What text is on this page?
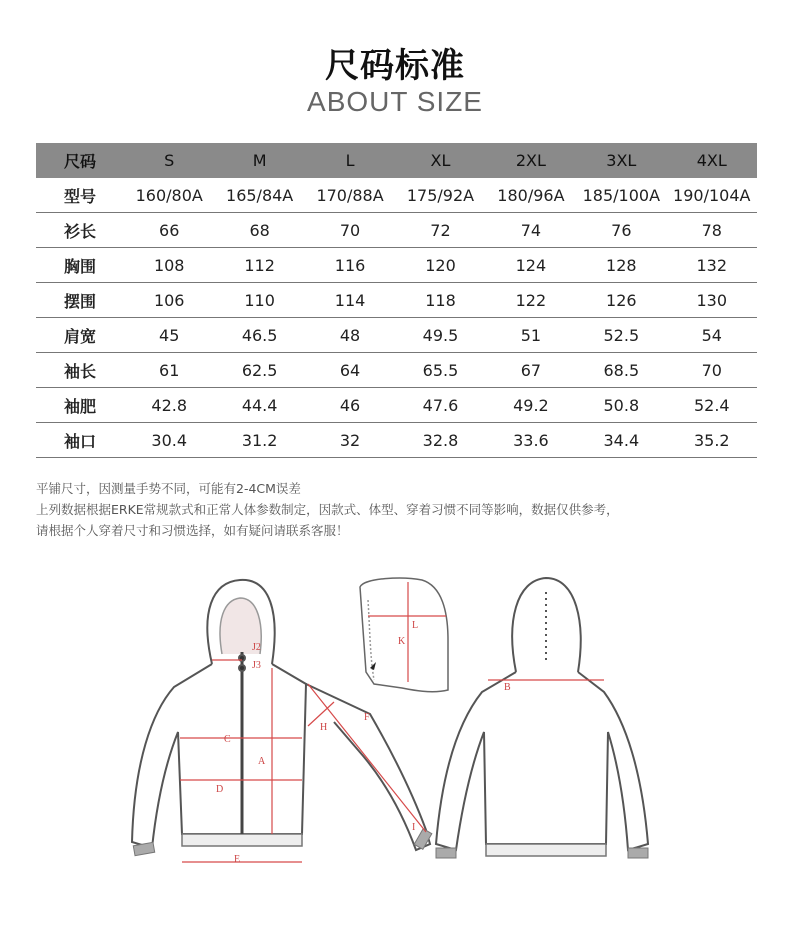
尺码标准
ABOUT SIZE
尺码	S	M	L	XL	2XL	3XL	4XL
型号	160/80A	165/84A	170/88A	175/92A	180/96A	185/100A	190/104A
衫长	66	68	70	72	74	76	78
胸围	108	112	116	120	124	128	132
摆围	106	110	114	118	122	126	130
肩宽	45	46.5	48	49.5	51	52.5	54
袖长	61	62.5	64	65.5	67	68.5	70
袖肥	42.8	44.4	46	47.6	49.2	50.8	52.4
袖口	30.4	31.2	32	32.8	33.6	34.4	35.2
平铺尺寸，因测量手势不同，可能有2-4CM误差
上列数据根据ERKE常规款式和正常人体参数制定，因款式、体型、穿着习惯不同等影响，数据仅供参考，
请根据个人穿着尺寸和习惯选择，如有疑问请联系客服！
C
A
D
E
H
F
J2
J3
I
L
K
B
